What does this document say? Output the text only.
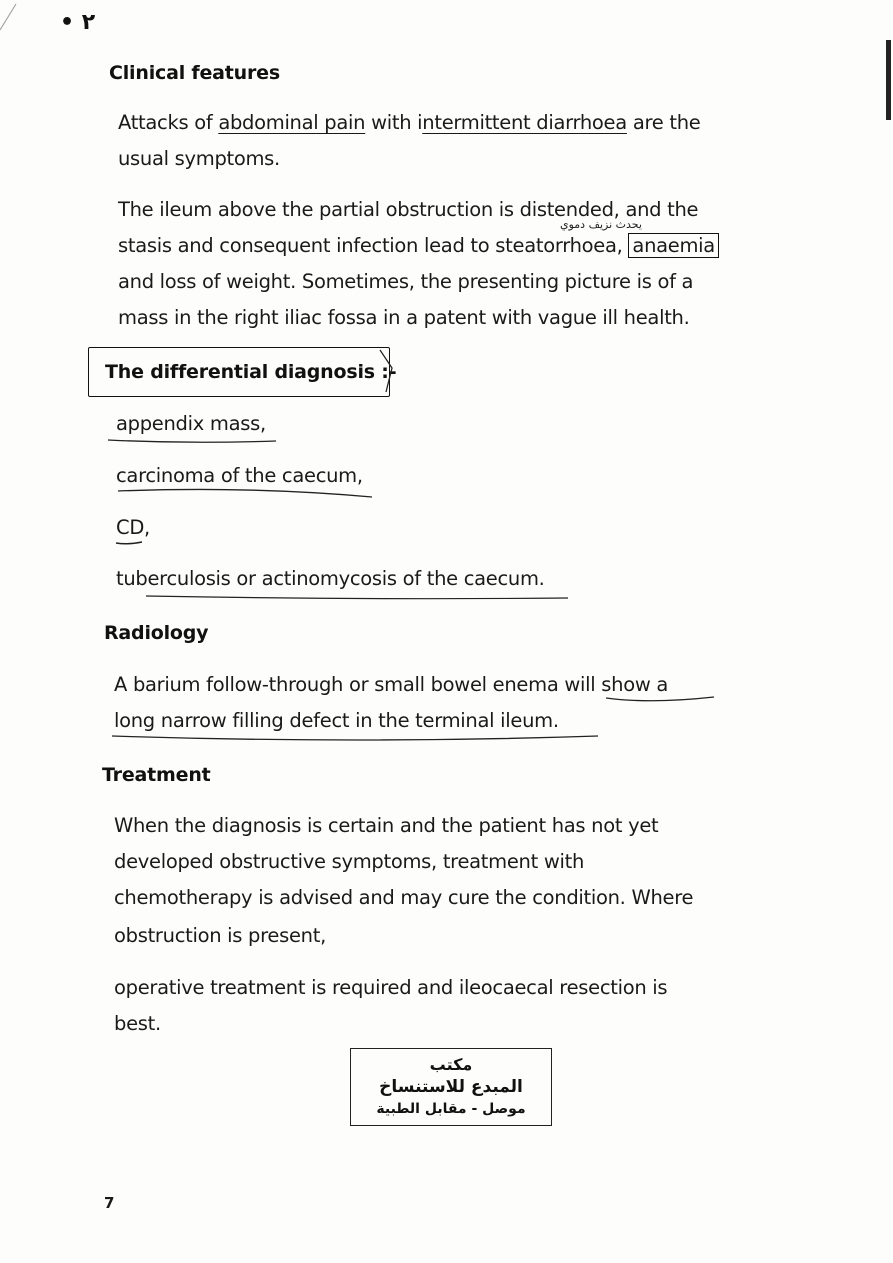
• ٢
Clinical features

Attacks of abdominal pain with intermittent diarrhoea are the

usual symptoms.

The ileum above the partial obstruction is distended, and the

يحدث نزيف دموي

stasis and consequent infection lead to steatorrhoea, anaemia

and loss of weight. Sometimes, the presenting picture is of a

mass in the right iliac fossa in a patent with vague ill health.

The differential diagnosis :-

appendix mass,

carcinoma of the caecum,

CD,

tuberculosis or actinomycosis of the caecum.

Radiology

A barium follow-through or small bowel enema will show a

long narrow filling defect in the terminal ileum.

Treatment

When the diagnosis is certain and the patient has not yet

developed obstructive symptoms, treatment with

chemotherapy is advised and may cure the condition. Where

obstruction is present,

operative treatment is required and ileocaecal resection is

best.

مكتب
المبدع للاستنساخ
موصل - مقابل الطبية
7
